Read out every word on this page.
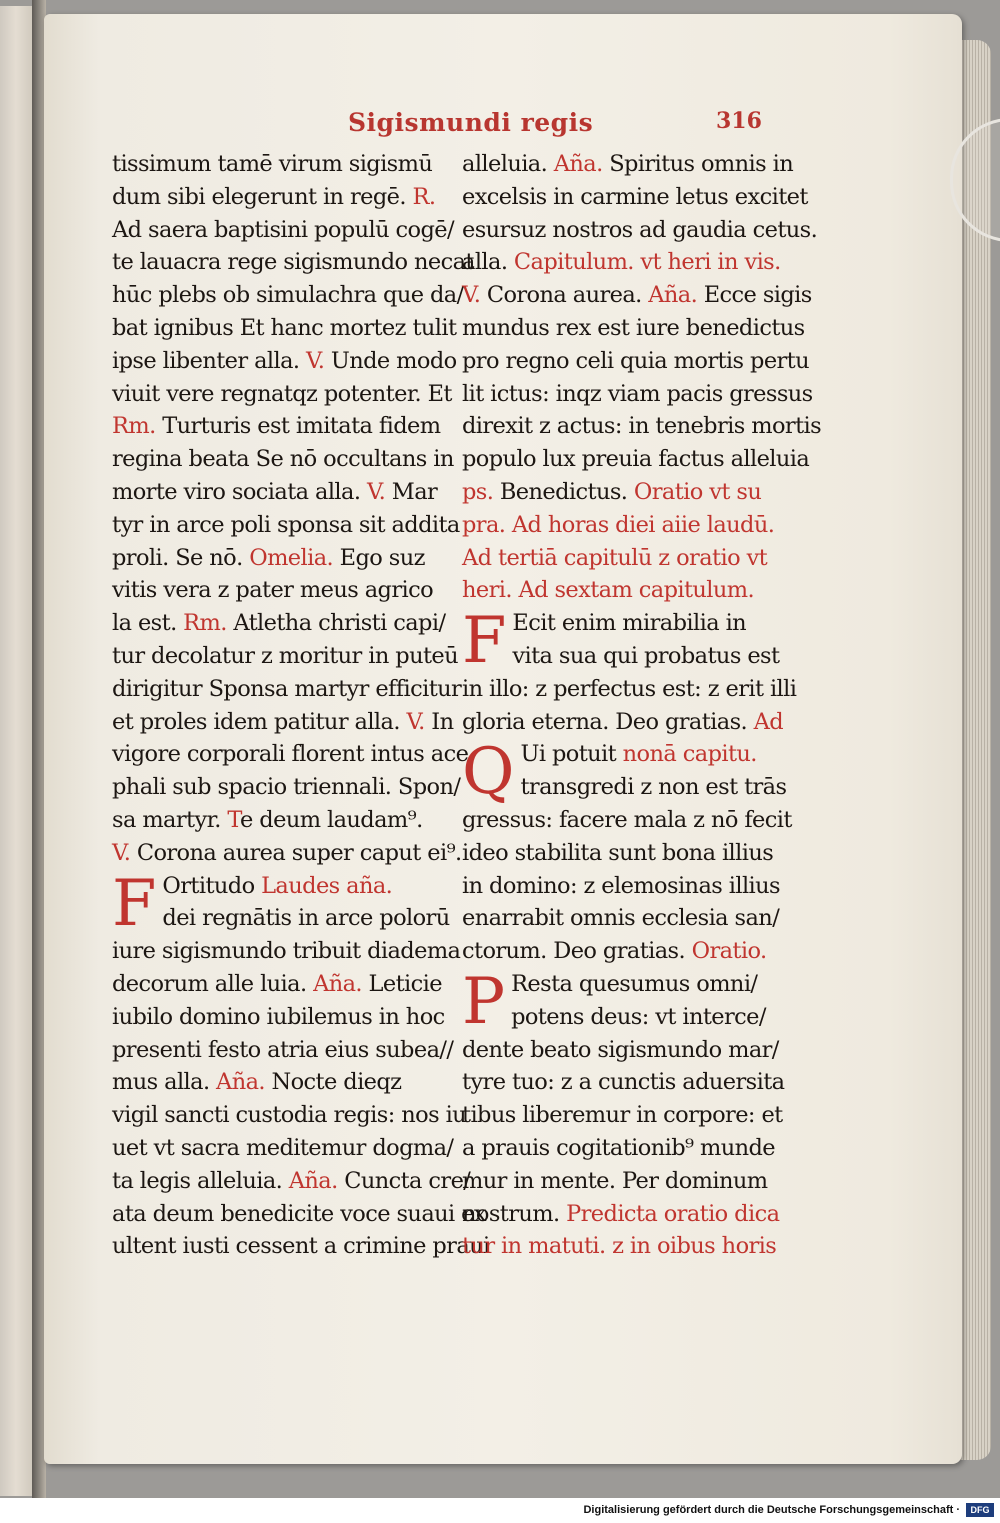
Sigismundi regis	316
tissimum tamē virum sigismū
dum sibi elegerunt in regē. R.
Ad saera baptisini populū cogē/
te lauacra rege sigismundo necat
hūc plebs ob simulachra que da/
bat ignibus Et hanc mortez tulit
ipse libenter alla. V. Unde modo
viuit vere regnatqz potenter. Et
Rm. Turturis est imitata fidem
regina beata Se nō occultans in
morte viro sociata alla. V. Mar
tyr in arce poli sponsa sit addita
proli. Se nō. Omelia. Ego suz
vitis vera z pater meus agrico
la est. Rm. Atletha christi capi/
tur decolatur z moritur in puteū
dirigitur Sponsa martyr efficitur
et proles idem patitur alla. V. In
vigore corporali florent intus ace
phali sub spacio triennali. Spon/
sa martyr. Te deum laudam⁹.
V. Corona aurea super caput ei⁹.
F Ortitudo Laudes aña.
dei regnātis in arce polorū
iure sigismundo tribuit diadema
decorum alle luia. Aña. Leticie
iubilo domino iubilemus in hoc
presenti festo atria eius subea//
mus alla. Aña. Nocte dieqz
vigil sancti custodia regis: nos iu
uet vt sacra meditemur dogma/
ta legis alleluia. Aña. Cuncta cre/
ata deum benedicite voce suaui ex
ultent iusti cessent a crimine praui
alleluia. Aña. Spiritus omnis in
excelsis in carmine letus excitet
esursuz nostros ad gaudia cetus.
alla. Capitulum. vt heri in vis.
V. Corona aurea. Aña. Ecce sigis
mundus rex est iure benedictus
pro regno celi quia mortis pertu
lit ictus: inqz viam pacis gressus
direxit z actus: in tenebris mortis
populo lux preuia factus alleluia
ps. Benedictus. Oratio vt su
pra. Ad horas diei aiie laudū.
Ad tertiā capitulū z oratio vt
heri. Ad sextam capitulum.
F Ecit enim mirabilia in
vita sua qui probatus est
in illo: z perfectus est: z erit illi
gloria eterna. Deo gratias. Ad
Q Ui potuit nonā capitu.
transgredi z non est trās
gressus: facere mala z nō fecit
ideo stabilita sunt bona illius
in domino: z elemosinas illius
enarrabit omnis ecclesia san/
ctorum. Deo gratias. Oratio.
P Resta quesumus omni/
potens deus: vt interce/
dente beato sigismundo mar/
tyre tuo: z a cunctis aduersita
tibus liberemur in corpore: et
a prauis cogitationib⁹ munde
mur in mente. Per dominum
nostrum. Predicta oratio dica
tur in matuti. z in oibus horis
Digitalisierung gefördert durch die Deutsche Forschungsgemeinschaft ·	DFG
